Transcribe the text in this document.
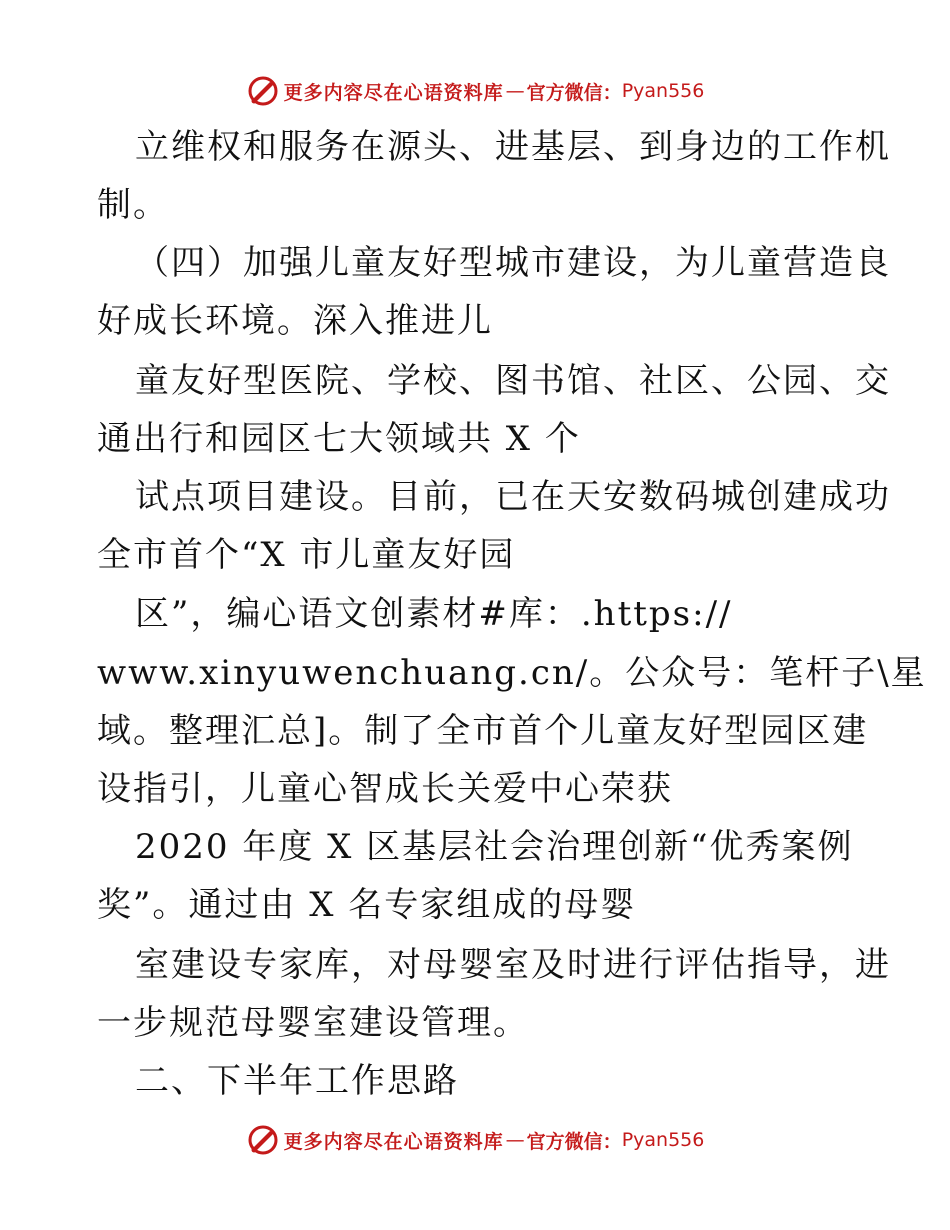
更多内容尽在心语资料库 — 官方微信： Pyan556
立维权和服务在源头、进基层、到身边的工作机
制。
（四）加强儿童友好型城市建设，为儿童营造良
好成长环境。深入推进儿
童友好型医院、学校、图书馆、社区、公园、交
通出行和园区七大领域共 X 个
试点项目建设。目前，已在天安数码城创建成功
全市首个“X 市儿童友好园
区”，编心语文创素材#库：.https://
www.xinyuwenchuang.cn/。公众号：笔杆子\星
域。整理汇总]。制了全市首个儿童友好型园区建
设指引，儿童心智成长关爱中心荣获
2020 年度 X 区基层社会治理创新“优秀案例
奖”。通过由 X 名专家组成的母婴
室建设专家库，对母婴室及时进行评估指导，进
一步规范母婴室建设管理。
二、下半年工作思路
更多内容尽在心语资料库 — 官方微信： Pyan556
